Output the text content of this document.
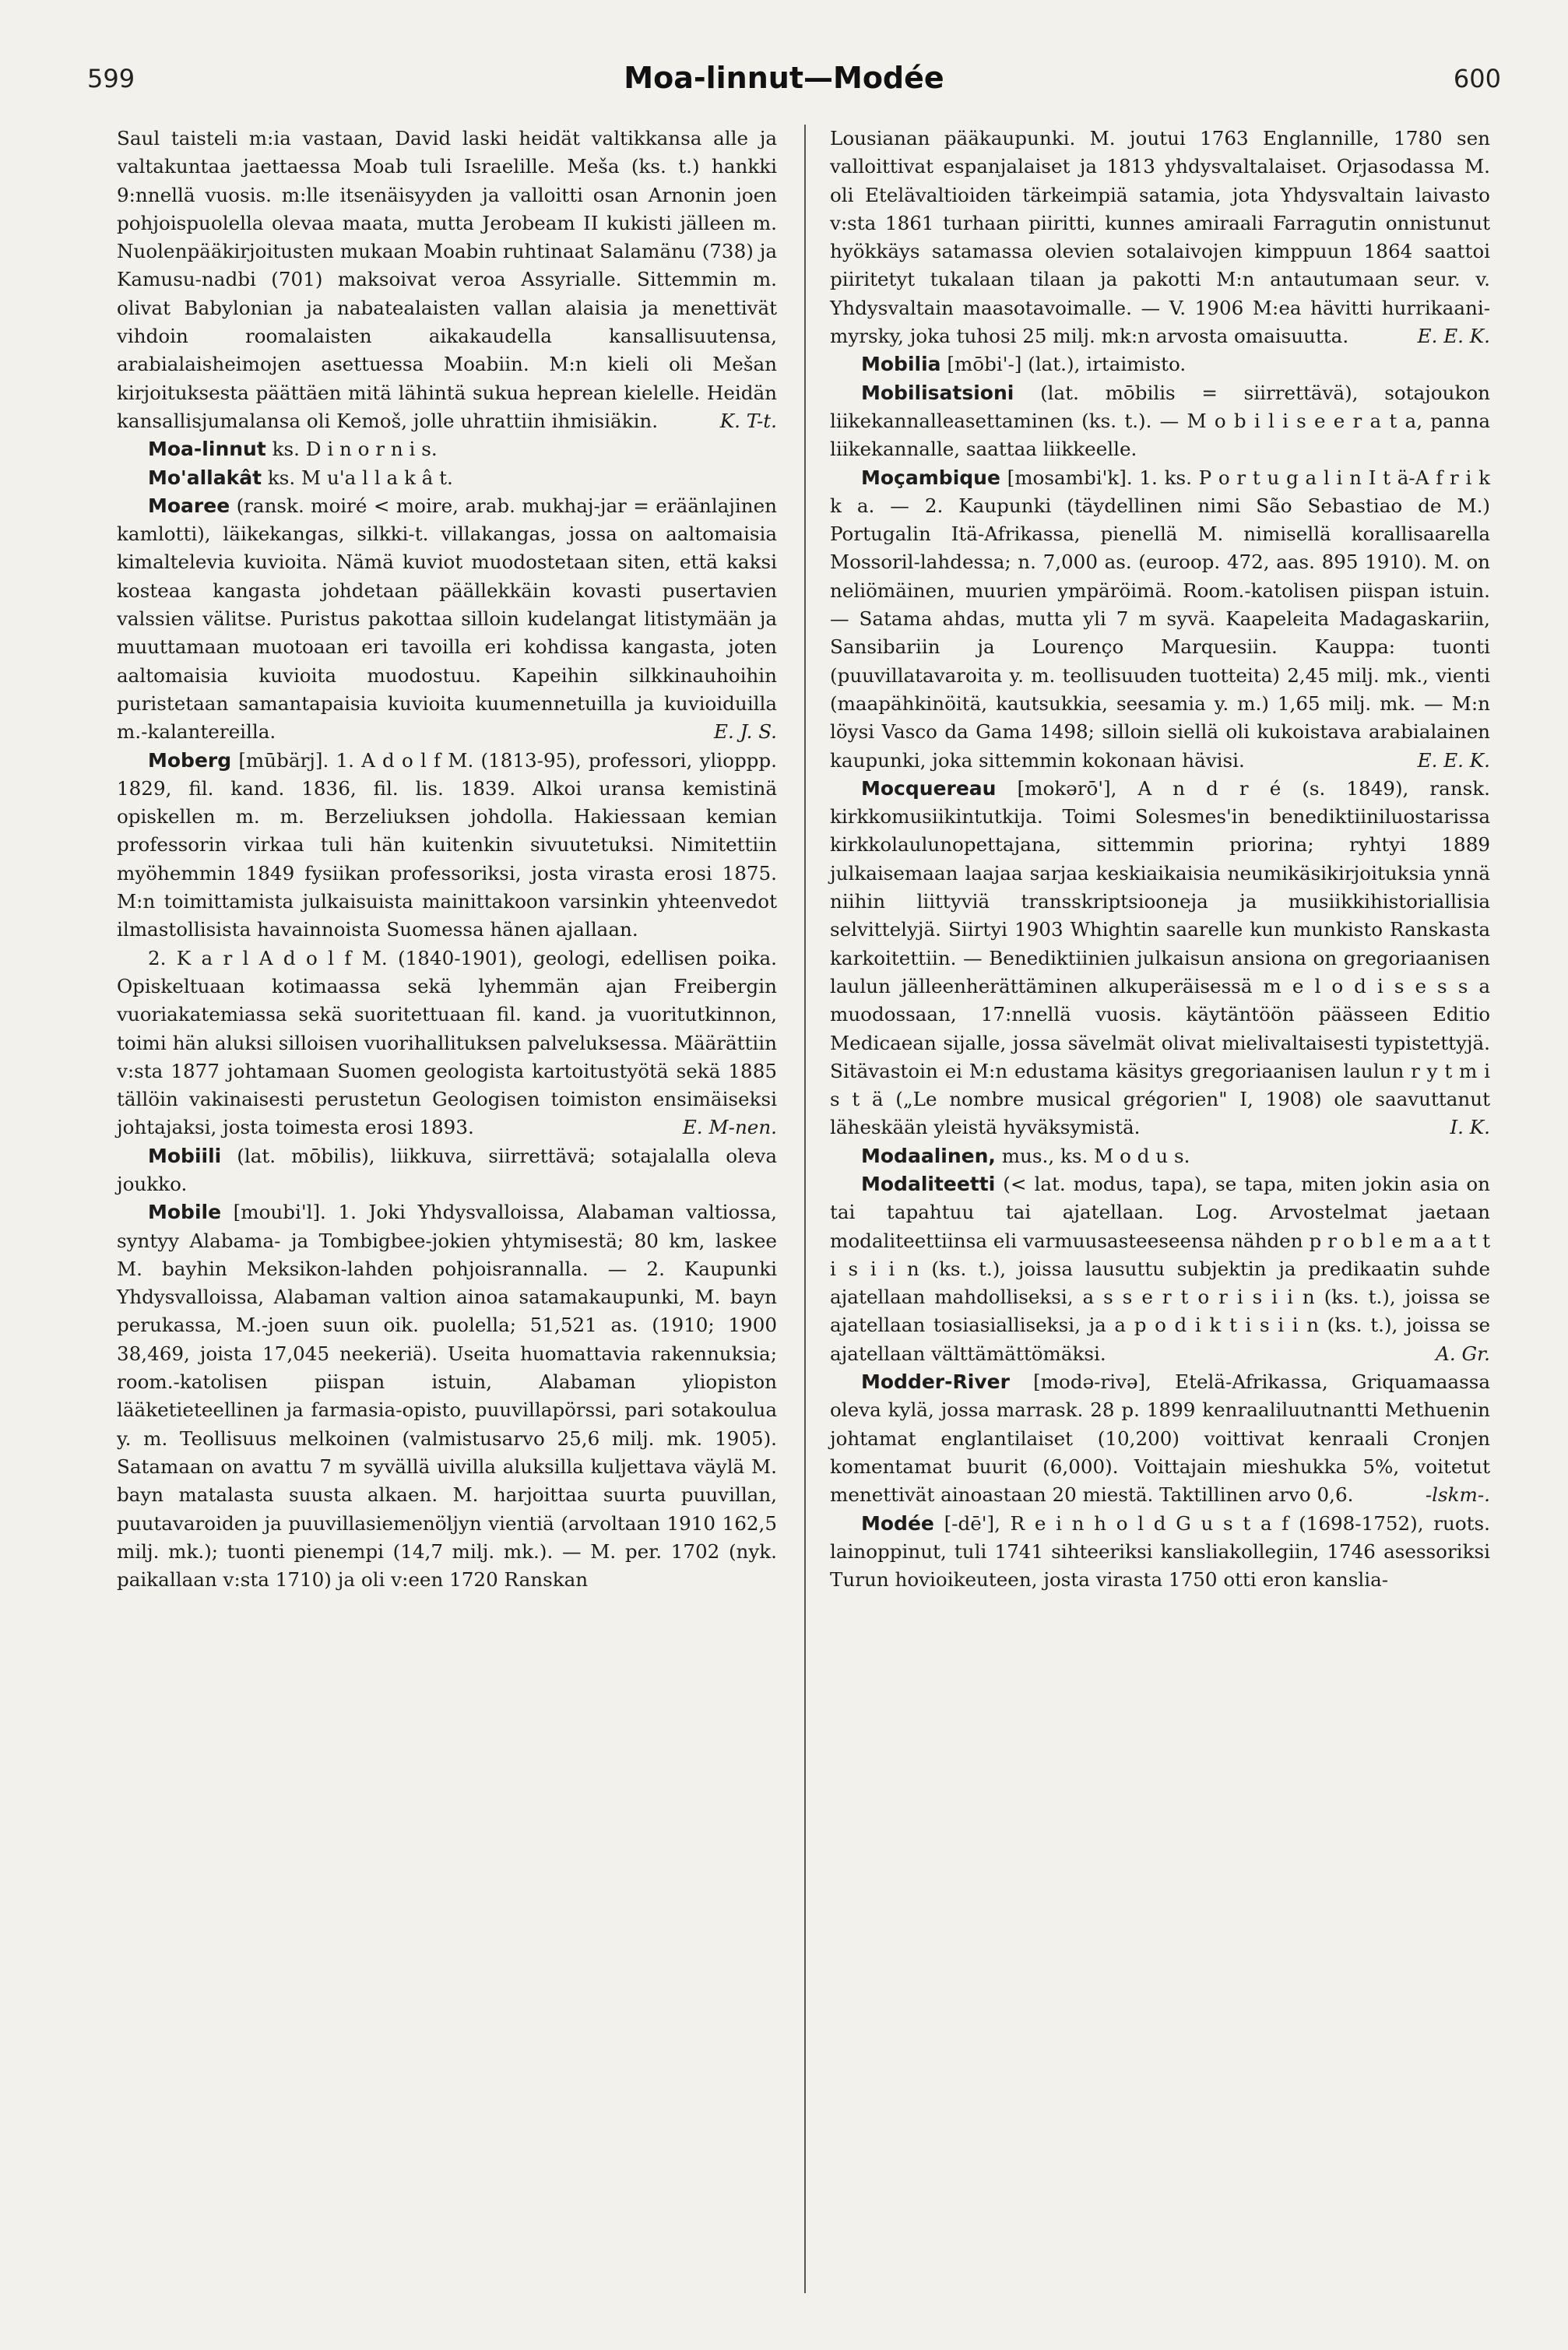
599	Moa-linnut—Modée	600

Saul taisteli m:ia vastaan, David laski heidät valtikkansa alle ja valtakuntaa jaettaessa Moab tuli Israelille. Meša (ks. t.) hankki 9:nnellä vuosis. m:lle itsenäisyyden ja valloitti osan Arnonin joen pohjoispuolella olevaa maata, mutta Jerobeam II kukisti jälleen m. Nuolenpääkirjoitusten mukaan Moabin ruhtinaat Salamänu (738) ja Kamusu-nadbi (701) maksoivat veroa Assyrialle. Sittemmin m. olivat Babylonian ja nabatealaisten vallan alaisia ja menettivät vihdoin roomalaisten aikakaudella kansallisuutensa, arabialaisheimojen asettuessa Moabiin. M:n kieli oli Mešan kirjoituksesta päättäen mitä lähintä sukua heprean kielelle. Heidän kansallisjumalansa oli Kemoš, jolle uhrattiin ihmisiäkin.	K. T-t.

Moa-linnut ks. D i n o r n i s.

Mo'allakât ks. M u'a l l a k â t.

Moaree (ransk. moiré < moire, arab. mukhaj-jar = eräänlajinen kamlotti), läikekangas, silkki-t. villakangas, jossa on aaltomaisia kimaltelevia kuvioita. Nämä kuviot muodostetaan siten, että kaksi kosteaa kangasta johdetaan päällekkäin kovasti pusertavien valssien välitse. Puristus pakottaa silloin kudelangat litistymään ja muuttamaan muotoaan eri tavoilla eri kohdissa kangasta, joten aaltomaisia kuvioita muodostuu. Kapeihin silkkinauhoihin puristetaan samantapaisia kuvioita kuumennetuilla ja kuvioiduilla m.-kalantereilla.	E. J. S.

Moberg [mūbärj]. 1. A d o l f M. (1813-95), professori, ylioppp. 1829, fil. kand. 1836, fil. lis. 1839. Alkoi uransa kemistinä opiskellen m. m. Berzeliuksen johdolla. Hakiessaan kemian professorin virkaa tuli hän kuitenkin sivuutetuksi. Nimitettiin myöhemmin 1849 fysiikan professoriksi, josta virasta erosi 1875. M:n toimittamista julkaisuista mainittakoon varsinkin yhteenvedot ilmastollisista havainnoista Suomessa hänen ajallaan.

2. K a r l A d o l f M. (1840-1901), geologi, edellisen poika. Opiskeltuaan kotimaassa sekä lyhemmän ajan Freibergin vuoriakatemiassa sekä suoritettuaan fil. kand. ja vuoritutkinnon, toimi hän aluksi silloisen vuorihallituksen palveluksessa. Määrättiin v:sta 1877 johtamaan Suomen geologista kartoitustyötä sekä 1885 tällöin vakinaisesti perustetun Geologisen toimiston ensimäiseksi johtajaksi, josta toimesta erosi 1893.	E. M-nen.

Mobiili (lat. mōbilis), liikkuva, siirrettävä; sotajalalla oleva joukko.

Mobile [moubi'l]. 1. Joki Yhdysvalloissa, Alabaman valtiossa, syntyy Alabama- ja Tombigbee-jokien yhtymisestä; 80 km, laskee M. bayhin Meksikon-lahden pohjoisrannalla. — 2. Kaupunki Yhdysvalloissa, Alabaman valtion ainoa satamakaupunki, M. bayn perukassa, M.-joen suun oik. puolella; 51,521 as. (1910; 1900 38,469, joista 17,045 neekeriä). Useita huomattavia rakennuksia; room.-katolisen piispan istuin, Alabaman yliopiston lääketieteellinen ja farmasia-opisto, puuvillapörssi, pari sotakoulua y. m. Teollisuus melkoinen (valmistusarvo 25,6 milj. mk. 1905). Satamaan on avattu 7 m syvällä uivilla aluksilla kuljettava väylä M. bayn matalasta suusta alkaen. M. harjoittaa suurta puuvillan, puutavaroiden ja puuvillasiemenöljyn vientiä (arvoltaan 1910 162,5 milj. mk.); tuonti pienempi (14,7 milj. mk.). — M. per. 1702 (nyk. paikallaan v:sta 1710) ja oli v:een 1720 Ranskan

Lousianan pääkaupunki. M. joutui 1763 Englannille, 1780 sen valloittivat espanjalaiset ja 1813 yhdysvaltalaiset. Orjasodassa M. oli Etelävaltioiden tärkeimpiä satamia, jota Yhdysvaltain laivasto v:sta 1861 turhaan piiritti, kunnes amiraali Farragutin onnistunut hyökkäys satamassa olevien sotalaivojen kimppuun 1864 saattoi piiritetyt tukalaan tilaan ja pakotti M:n antautumaan seur. v. Yhdysvaltain maasotavoimalle. — V. 1906 M:ea hävitti hurrikaani-myrsky, joka tuhosi 25 milj. mk:n arvosta omaisuutta.	E. E. K.

Mobilia [mōbi'-] (lat.), irtaimisto.

Mobilisatsioni (lat. mōbilis = siirrettävä), sotajoukon liikekannalleasettaminen (ks. t.). — M o b i l i s e e r a t a, panna liikekannalle, saattaa liikkeelle.

Moçambique [mosambi'k]. 1. ks. P o r t u g a l i n I t ä-A f r i k k a. — 2. Kaupunki (täydellinen nimi São Sebastiao de M.) Portugalin Itä-Afrikassa, pienellä M. nimisellä korallisaarella Mossoril-lahdessa; n. 7,000 as. (euroop. 472, aas. 895 1910). M. on neliömäinen, muurien ympäröimä. Room.-katolisen piispan istuin. — Satama ahdas, mutta yli 7 m syvä. Kaapeleita Madagaskariin, Sansibariin ja Lourenço Marquesiin. Kauppa: tuonti (puuvillatavaroita y. m. teollisuuden tuotteita) 2,45 milj. mk., vienti (maapähkinöitä, kautsukkia, seesamia y. m.) 1,65 milj. mk. — M:n löysi Vasco da Gama 1498; silloin siellä oli kukoistava arabialainen kaupunki, joka sittemmin kokonaan hävisi.	E. E. K.

Mocquereau [mokərō'], A n d r é (s. 1849), ransk. kirkkomusiikintutkija. Toimi Solesmes'in benediktiiniluostarissa kirkkolaulunopettajana, sittemmin priorina; ryhtyi 1889 julkaisemaan laajaa sarjaa keskiaikaisia neumikäsikirjoituksia ynnä niihin liittyviä transskriptsiooneja ja musiikkihistoriallisia selvittelyjä. Siirtyi 1903 Whightin saarelle kun munkisto Ranskasta karkoitettiin. — Benediktiinien julkaisun ansiona on gregoriaanisen laulun jälleenherättäminen alkuperäisessä m e l o d i s e s s a muodossaan, 17:nnellä vuosis. käytäntöön päässeen Editio Medicaean sijalle, jossa sävelmät olivat mielivaltaisesti typistettyjä. Sitävastoin ei M:n edustama käsitys gregoriaanisen laulun r y t m i s t ä („Le nombre musical grégorien" I, 1908) ole saavuttanut läheskään yleistä hyväksymistä.	I. K.

Modaalinen, mus., ks. M o d u s.

Modaliteetti (< lat. modus, tapa), se tapa, miten jokin asia on tai tapahtuu tai ajatellaan. Log. Arvostelmat jaetaan modaliteettiinsa eli varmuusasteeseensa nähden p r o b l e m a a t t i s i i n (ks. t.), joissa lausuttu subjektin ja predikaatin suhde ajatellaan mahdolliseksi, a s s e r t o r i s i i n (ks. t.), joissa se ajatellaan tosiasialliseksi, ja a p o d i k t i s i i n (ks. t.), joissa se ajatellaan välttämättömäksi.	A. Gr.

Modder-River [modə-rivə], Etelä-Afrikassa, Griquamaassa oleva kylä, jossa marrask. 28 p. 1899 kenraaliluutnantti Methuenin johtamat englantilaiset (10,200) voittivat kenraali Cronjen komentamat buurit (6,000). Voittajain mieshukka 5%, voitetut menettivät ainoastaan 20 miestä. Taktillinen arvo 0,6.	-lskm-.

Modée [-dē'], R e i n h o l d G u s t a f (1698-1752), ruots. lainoppinut, tuli 1741 sihteeriksi kansliakollegiin, 1746 asessoriksi Turun hovioikeuteen, josta virasta 1750 otti eron kanslia-
